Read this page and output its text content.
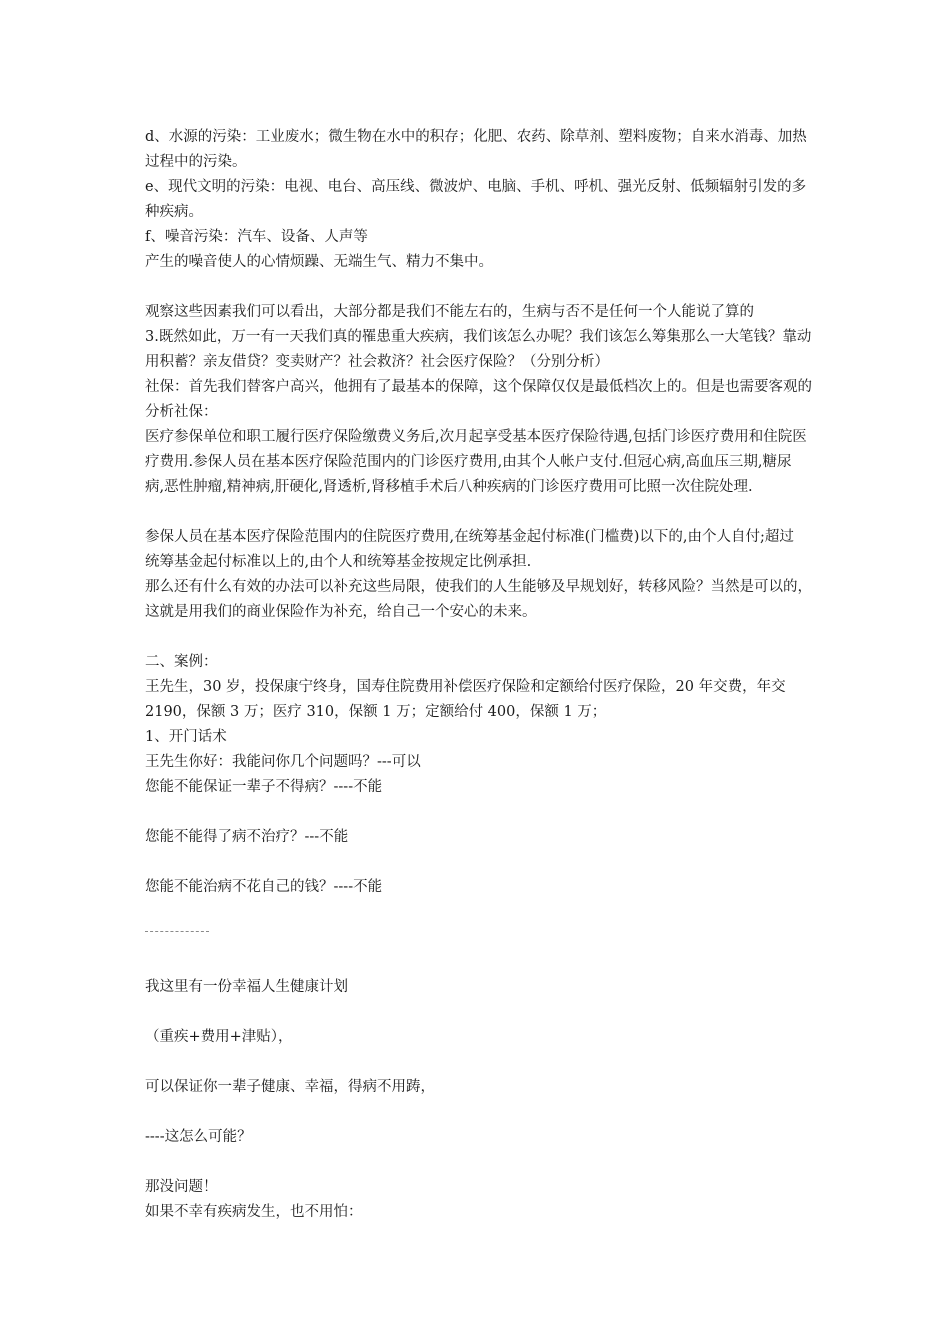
d、水源的污染：工业废水；微生物在水中的积存；化肥、农药、除草剂、塑料废物；自来水消毒、加热
过程中的污染。
e、现代文明的污染：电视、电台、高压线、微波炉、电脑、手机、呼机、强光反射、低频辐射引发的多
种疾病。
f、噪音污染：汽车、设备、人声等
产生的噪音使人的心情烦躁、无端生气、精力不集中。
观察这些因素我们可以看出，大部分都是我们不能左右的，生病与否不是任何一个人能说了算的
3.既然如此，万一有一天我们真的罹患重大疾病，我们该怎么办呢？我们该怎么筹集那么一大笔钱？靠动
用积蓄？亲友借贷？变卖财产？社会救济？社会医疗保险？（分别分析）
社保：首先我们替客户高兴，他拥有了最基本的保障，这个保障仅仅是最低档次上的。但是也需要客观的
分析社保：
医疗参保单位和职工履行医疗保险缴费义务后,次月起享受基本医疗保险待遇,包括门诊医疗费用和住院医
疗费用.参保人员在基本医疗保险范围内的门诊医疗费用,由其个人帐户支付.但冠心病,高血压三期,糖尿
病,恶性肿瘤,精神病,肝硬化,肾透析,肾移植手术后八种疾病的门诊医疗费用可比照一次住院处理.
参保人员在基本医疗保险范围内的住院医疗费用,在统筹基金起付标准(门槛费)以下的,由个人自付;超过
统筹基金起付标准以上的,由个人和统筹基金按规定比例承担.
那么还有什么有效的办法可以补充这些局限，使我们的人生能够及早规划好，转移风险？当然是可以的，
这就是用我们的商业保险作为补充，给自己一个安心的未来。
二、案例：
王先生，30 岁，投保康宁终身，国寿住院费用补偿医疗保险和定额给付医疗保险，20 年交费，年交
2190，保额 3 万；医疗 310，保额 1 万；定额给付 400，保额 1 万；
1、开门话术
王先生你好：我能问你几个问题吗？---可以
您能不能保证一辈子不得病？----不能
您能不能得了病不治疗？---不能
您能不能治病不花自己的钱？----不能
我这里有一份幸福人生健康计划
（重疾+费用+津贴），
可以保证你一辈子健康、幸福，得病不用踌，
----这怎么可能？
那没问题！
如果不幸有疾病发生，也不用怕：
